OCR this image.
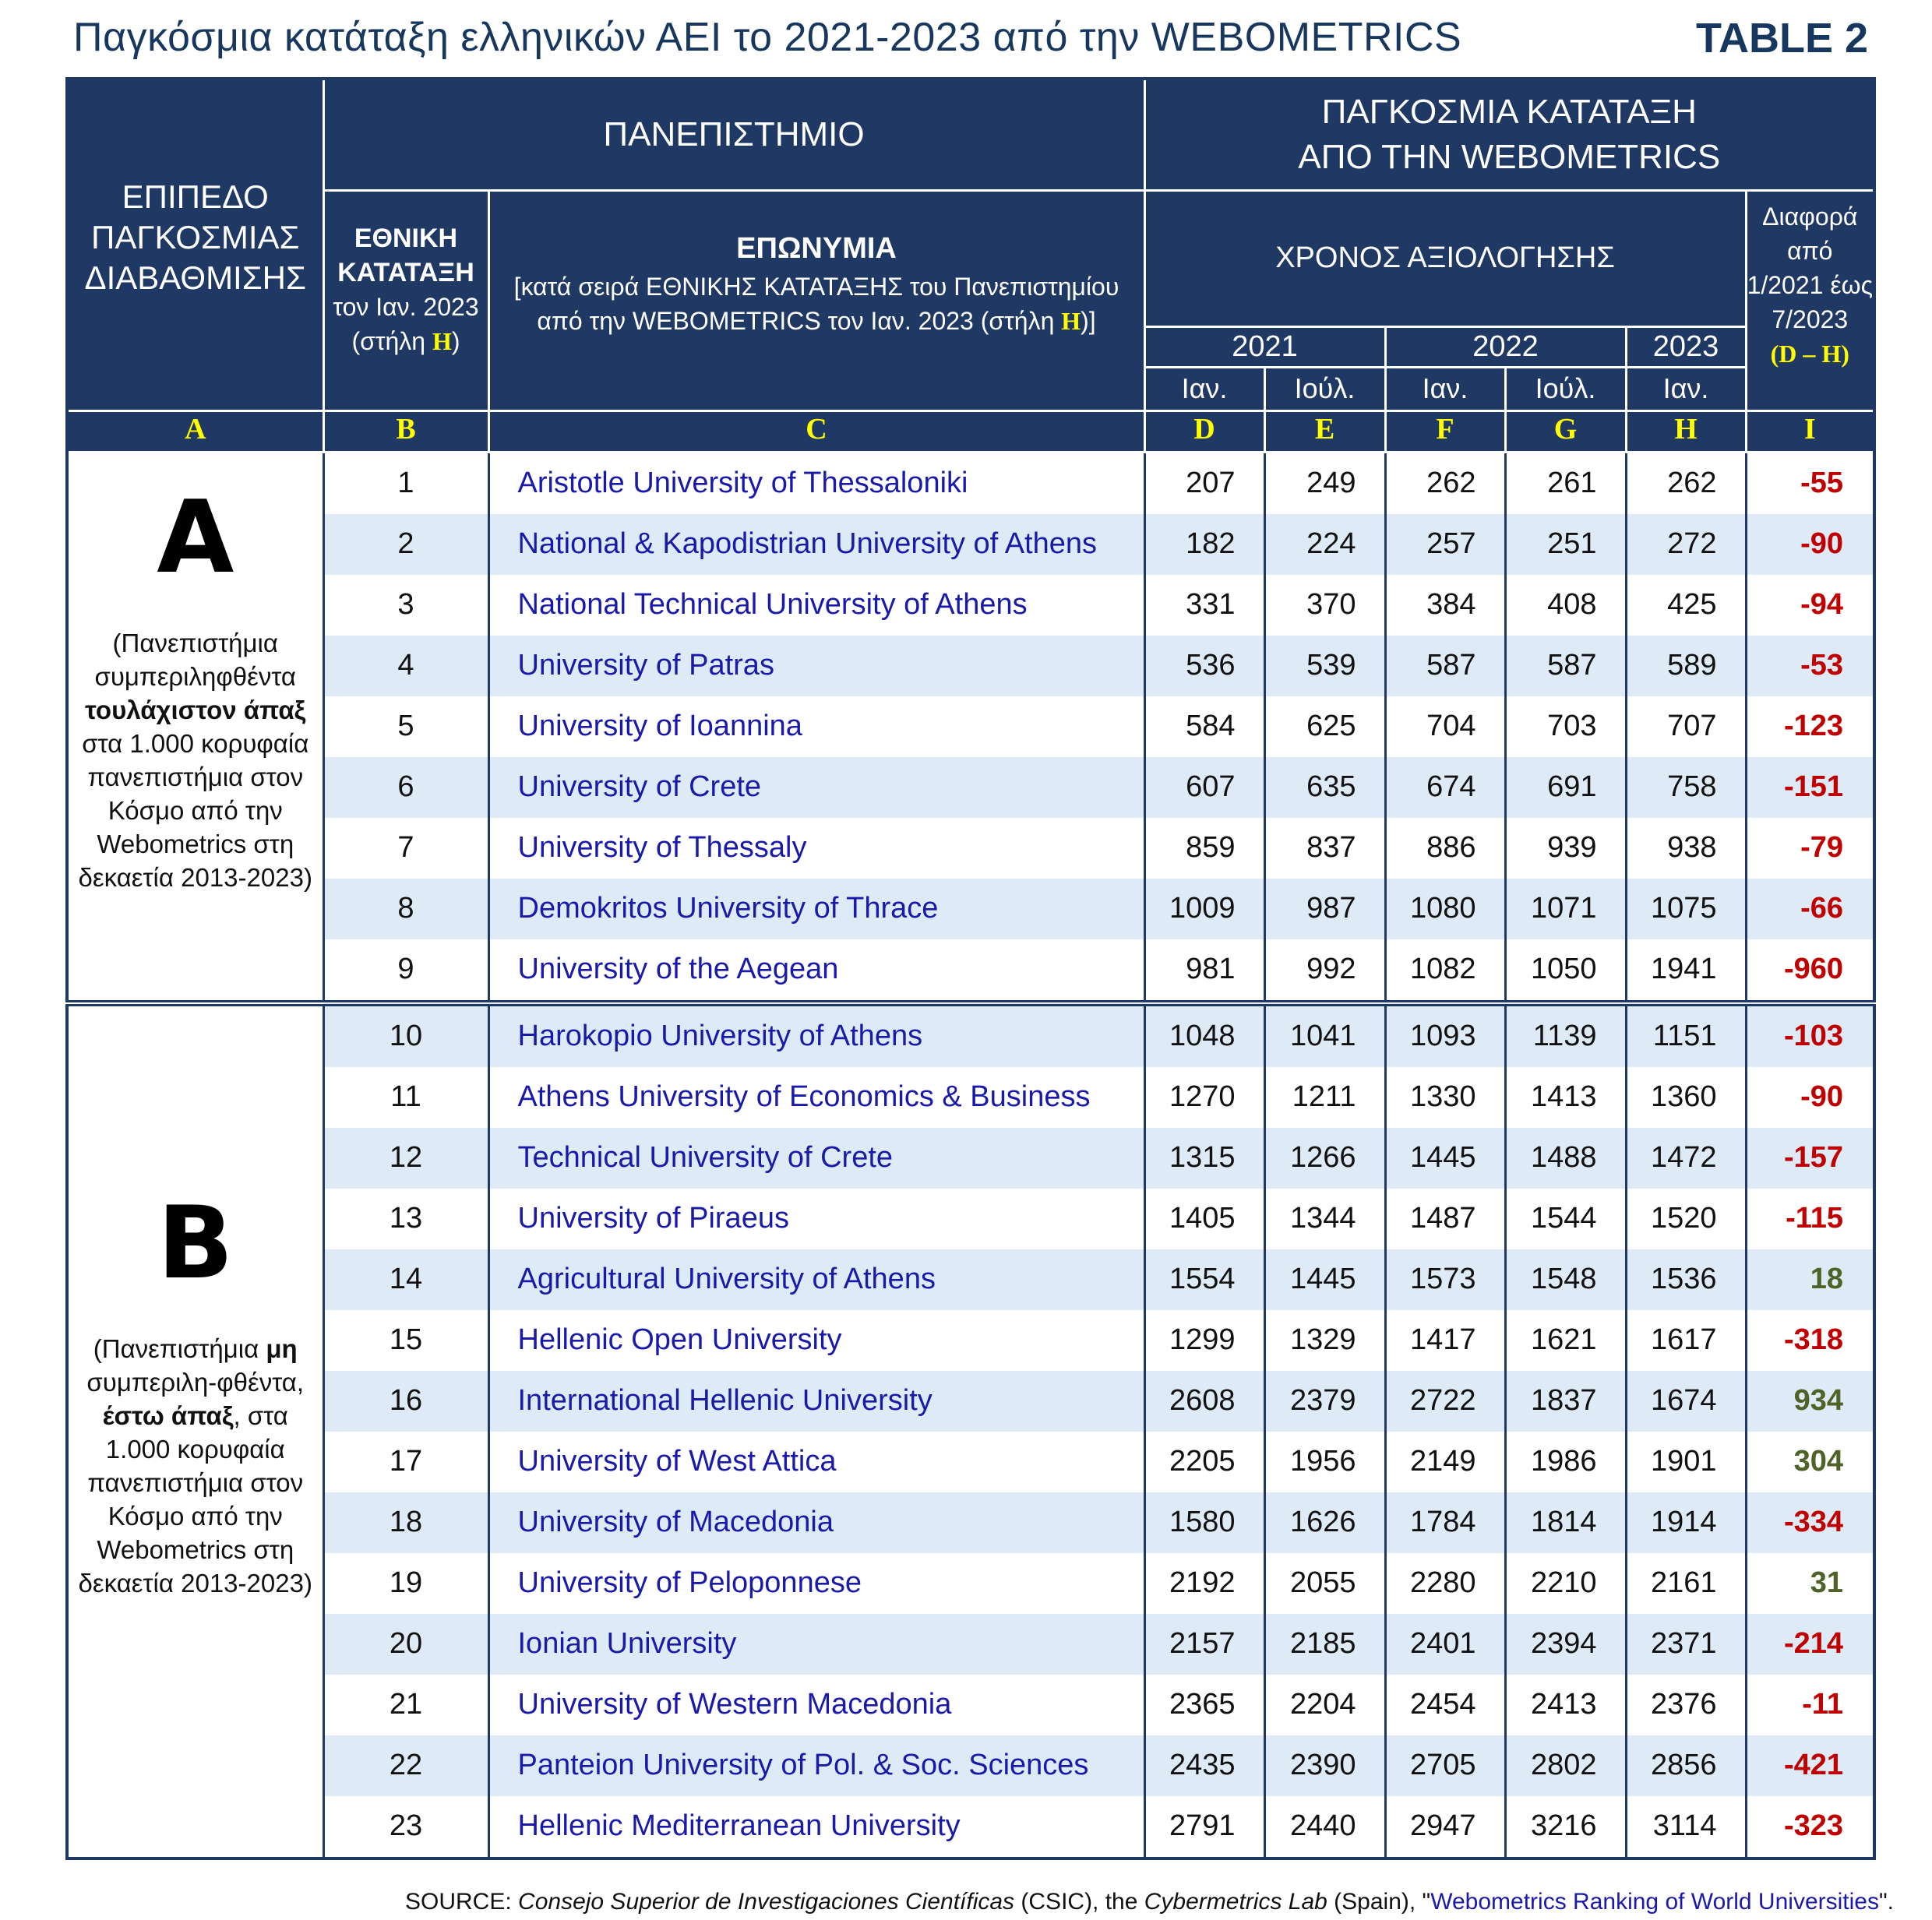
Παγκόσμια κατάταξη ελληνικών ΑΕΙ το 2021-2023 από την WEBOMETRICS	TABLE 2
ΕΠΙΠΕΔΟ ΠΑΓΚΟΣΜΙΑΣ ΔΙΑΒΑΘΜΙΣΗΣ	ΠΑΝΕΠΙΣΤΗΜΙΟ		ΠΑΓΚΟΣΜΙΑ ΚΑΤΑΤΑΞΗ
ΑΠΟ ΤΗΝ WEBOMETRICS					
	ΕΘΝΙΚΗ ΚΑΤΑΤΑΞΗ
τον Ιαν. 2023
(στήλη H)	ΕΠΩΝΥΜΙΑ
[κατά σειρά ΕΘΝΙΚΗΣ ΚΑΤΑΤΑΞΗΣ του Πανεπιστημίου από την WEBOMETRICS τον Ιαν. 2023 (στήλη H)]	ΧΡΟΝΟΣ ΑΞΙΟΛΟΓΗΣΗΣ					Διαφορά από 1/2021 έως 7/2023
(D – H)
			2021		2022		2023	
			Ιαν.	Ιούλ.	Ιαν.	Ιούλ.	Ιαν.	
A	B	C	D	E	F	G	H	I

A
(Πανεπιστήμια συμπεριληφθέντα τουλάχιστον άπαξ στα 1.000 κορυφαία πανεπιστήμια στον Κόσμο από την Webometrics στη δεκαετία 2013-2023)	1	Aristotle University of Thessaloniki	207	249	262	261	262	-55
	2	National & Kapodistrian University of Athens	182	224	257	251	272	-90
	3	National Technical University of Athens	331	370	384	408	425	-94
	4	University of Patras	536	539	587	587	589	-53
	5	University of Ioannina	584	625	704	703	707	-123
	6	University of Crete	607	635	674	691	758	-151
	7	University of Thessaly	859	837	886	939	938	-79
	8	Demokritos University of Thrace	1009	987	1080	1071	1075	-66
	9	University of the Aegean	981	992	1082	1050	1941	-960

B
(Πανεπιστήμια μη συμπεριλη-φθέντα, έστω άπαξ, στα 1.000 κορυφαία πανεπιστήμια στον Κόσμο από την Webometrics στη δεκαετία 2013-2023)	10	Harokopio University of Athens	1048	1041	1093	1139	1151	-103
	11	Athens University of Economics & Business	1270	1211	1330	1413	1360	-90
	12	Technical University of Crete	1315	1266	1445	1488	1472	-157
	13	University of Piraeus	1405	1344	1487	1544	1520	-115
	14	Agricultural University of Athens	1554	1445	1573	1548	1536	18
	15	Hellenic Open University	1299	1329	1417	1621	1617	-318
	16	International Hellenic University	2608	2379	2722	1837	1674	934
	17	University of West Attica	2205	1956	2149	1986	1901	304
	18	University of Macedonia	1580	1626	1784	1814	1914	-334
	19	University of Peloponnese	2192	2055	2280	2210	2161	31
	20	Ionian University	2157	2185	2401	2394	2371	-214
	21	University of Western Macedonia	2365	2204	2454	2413	2376	-11
	22	Panteion University of Pol. & Soc. Sciences	2435	2390	2705	2802	2856	-421
	23	Hellenic Mediterranean University	2791	2440	2947	3216	3114	-323
SOURCE: Consejo Superior de Investigaciones Científicas (CSIC), the Cybermetrics Lab (Spain), "Webometrics Ranking of World Universities".
